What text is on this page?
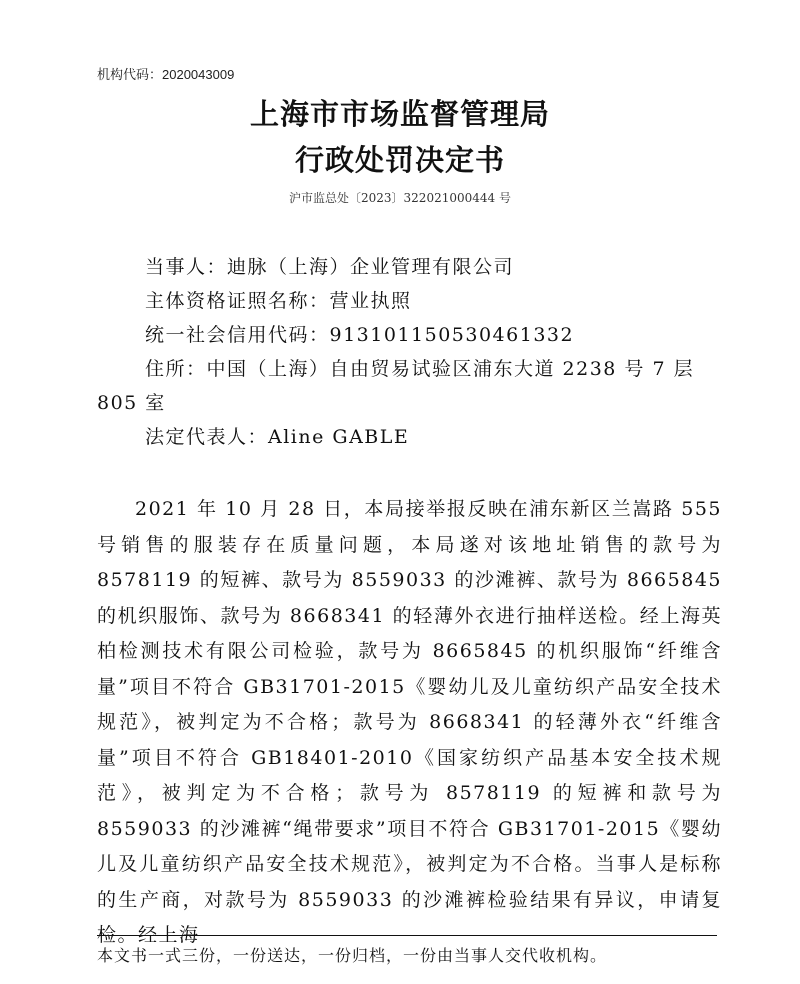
机构代码：2020043009
上海市市场监督管理局
行政处罚决定书
沪市监总处〔2023〕322021000444 号
当事人：迪脉（上海）企业管理有限公司
主体资格证照名称：营业执照
统一社会信用代码：91310115053046133​2
住所：中国（上海）自由贸易试验区浦东大道 2238 号 7 层
805 室
法定代表人：Aline GABLE
2021 年 10 月 28 日，本局接举报反映在浦东新区兰嵩路 555 号销售的服装存在质量问题，本局遂对该地址销售的款号为 8578119 的短裤、款号为 8559033 的沙滩裤、款号为 8665845 的机织服饰、款号为 8668341 的轻薄外衣进行抽样送检。经上海英柏检测技术有限公司检验，款号为 8665845 的机织服饰“纤维含量”项目不符合 GB31701-2015《婴幼儿及儿童纺织产品安全技术规范》，被判定为不合格；款号为 8668341 的轻薄外衣“纤维含量”项目不符合 GB18401-2010《国家纺织产品基本安全技术规范》，被判定为不合格；款号为 8578119 的短裤和款号为 8559033 的沙滩裤“绳带要求”项目不符合 GB31701-2015《婴幼儿及儿童纺织产品安全技术规范》，被判定为不合格。当事人是标称的生产商，对款号为 8559033 的沙滩裤检验结果有异议，申请复检。经上海
本文书一式三份，一份送达，一份归档，一份由当事人交代收机构。
